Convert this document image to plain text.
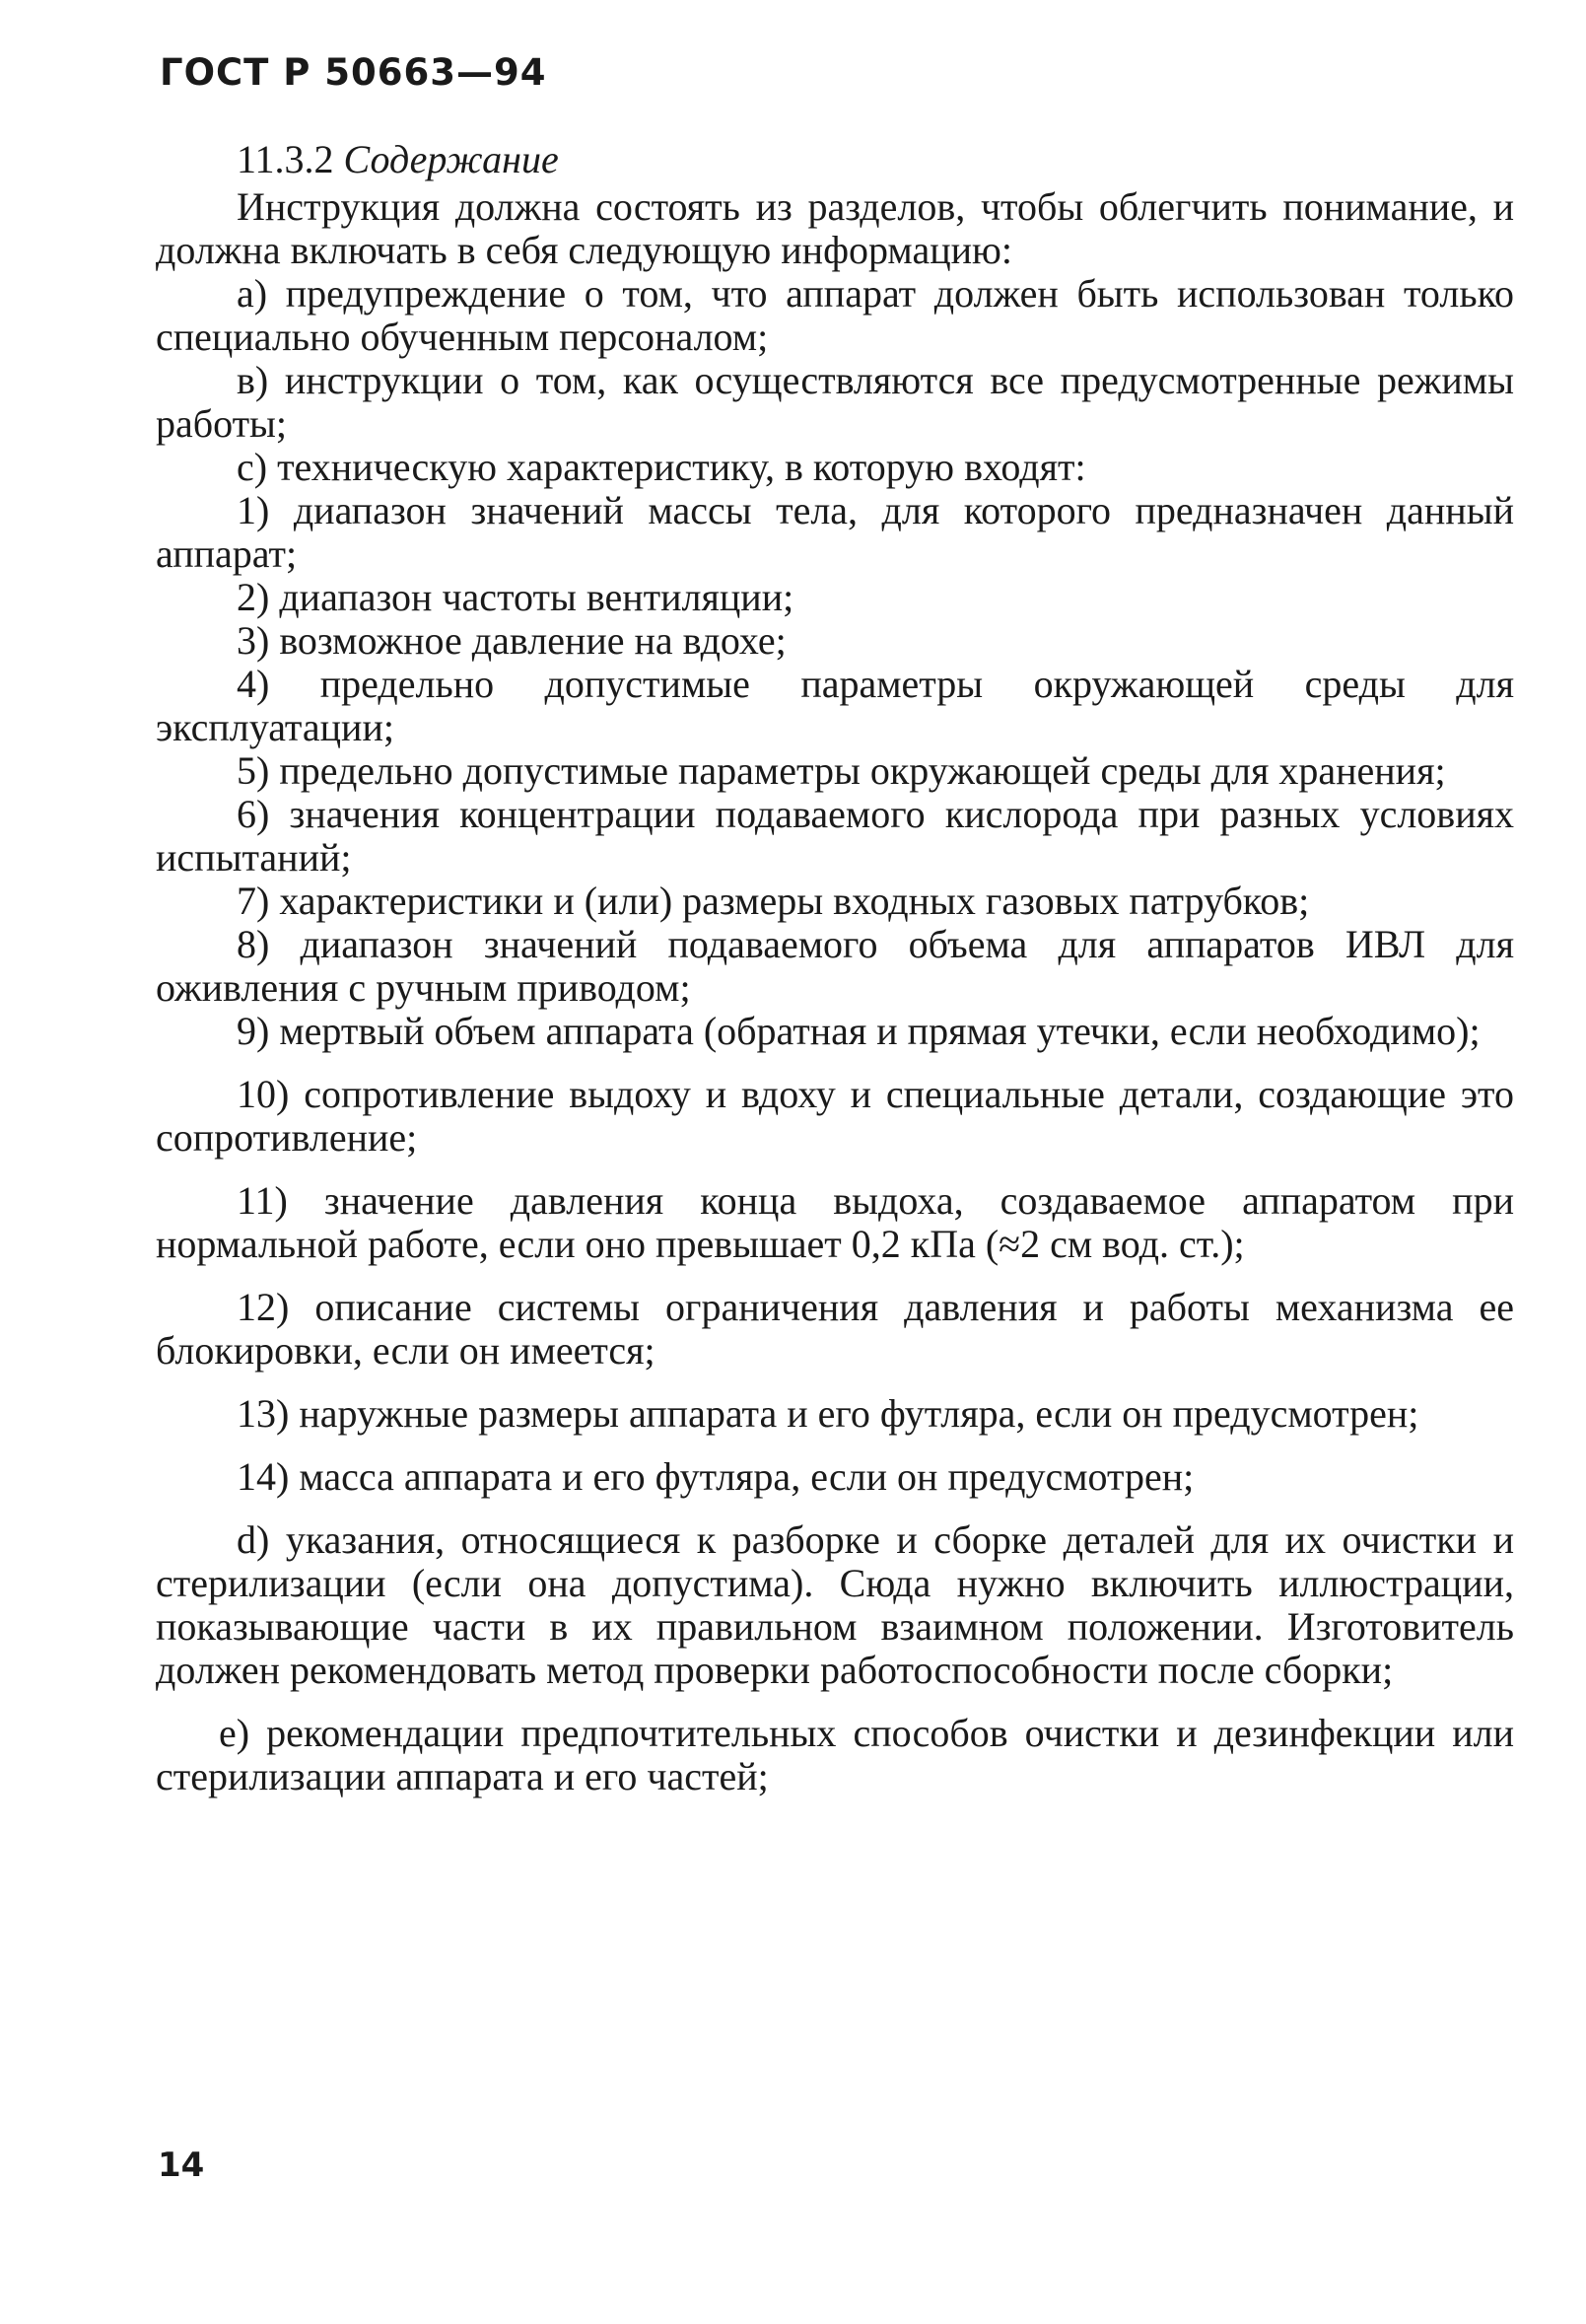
ГОСТ Р 50663—94

11.3.2 Содержание

Инструкция должна состоять из разделов, чтобы облегчить понимание, и должна включать в себя следующую информацию:

а) предупреждение о том, что аппарат должен быть использован только специально обученным персоналом;

в) инструкции о том, как осуществляются все предусмотренные режимы работы;

с) техническую характеристику, в которую входят:

1) диапазон значений массы тела, для которого предназначен данный аппарат;

2) диапазон частоты вентиляции;

3) возможное давление на вдохе;

4) предельно допустимые параметры окружающей среды для эксплуатации;

5) предельно допустимые параметры окружающей среды для хранения;

6) значения концентрации подаваемого кислорода при разных условиях испытаний;

7) характеристики и (или) размеры входных газовых патрубков;

8) диапазон значений подаваемого объема для аппаратов ИВЛ для оживления с ручным приводом;

9) мертвый объем аппарата (обратная и прямая утечки, если необходимо);

10) сопротивление выдоху и вдоху и специальные детали, создающие это сопротивление;

11) значение давления конца выдоха, создаваемое аппаратом при нормальной работе, если оно превышает 0,2 кПа (≈2 см вод. ст.);

12) описание системы ограничения давления и работы механизма ее блокировки, если он имеется;

13) наружные размеры аппарата и его футляра, если он предусмотрен;

14) масса аппарата и его футляра, если он предусмотрен;

d) указания, относящиеся к разборке и сборке деталей для их очистки и стерилизации (если она допустима). Сюда нужно включить иллюстрации, показывающие части в их правильном взаимном положении. Изготовитель должен рекомендовать метод проверки работоспособности после сборки;

е) рекомендации предпочтительных способов очистки и дезинфекции или стерилизации аппарата и его частей;

14
